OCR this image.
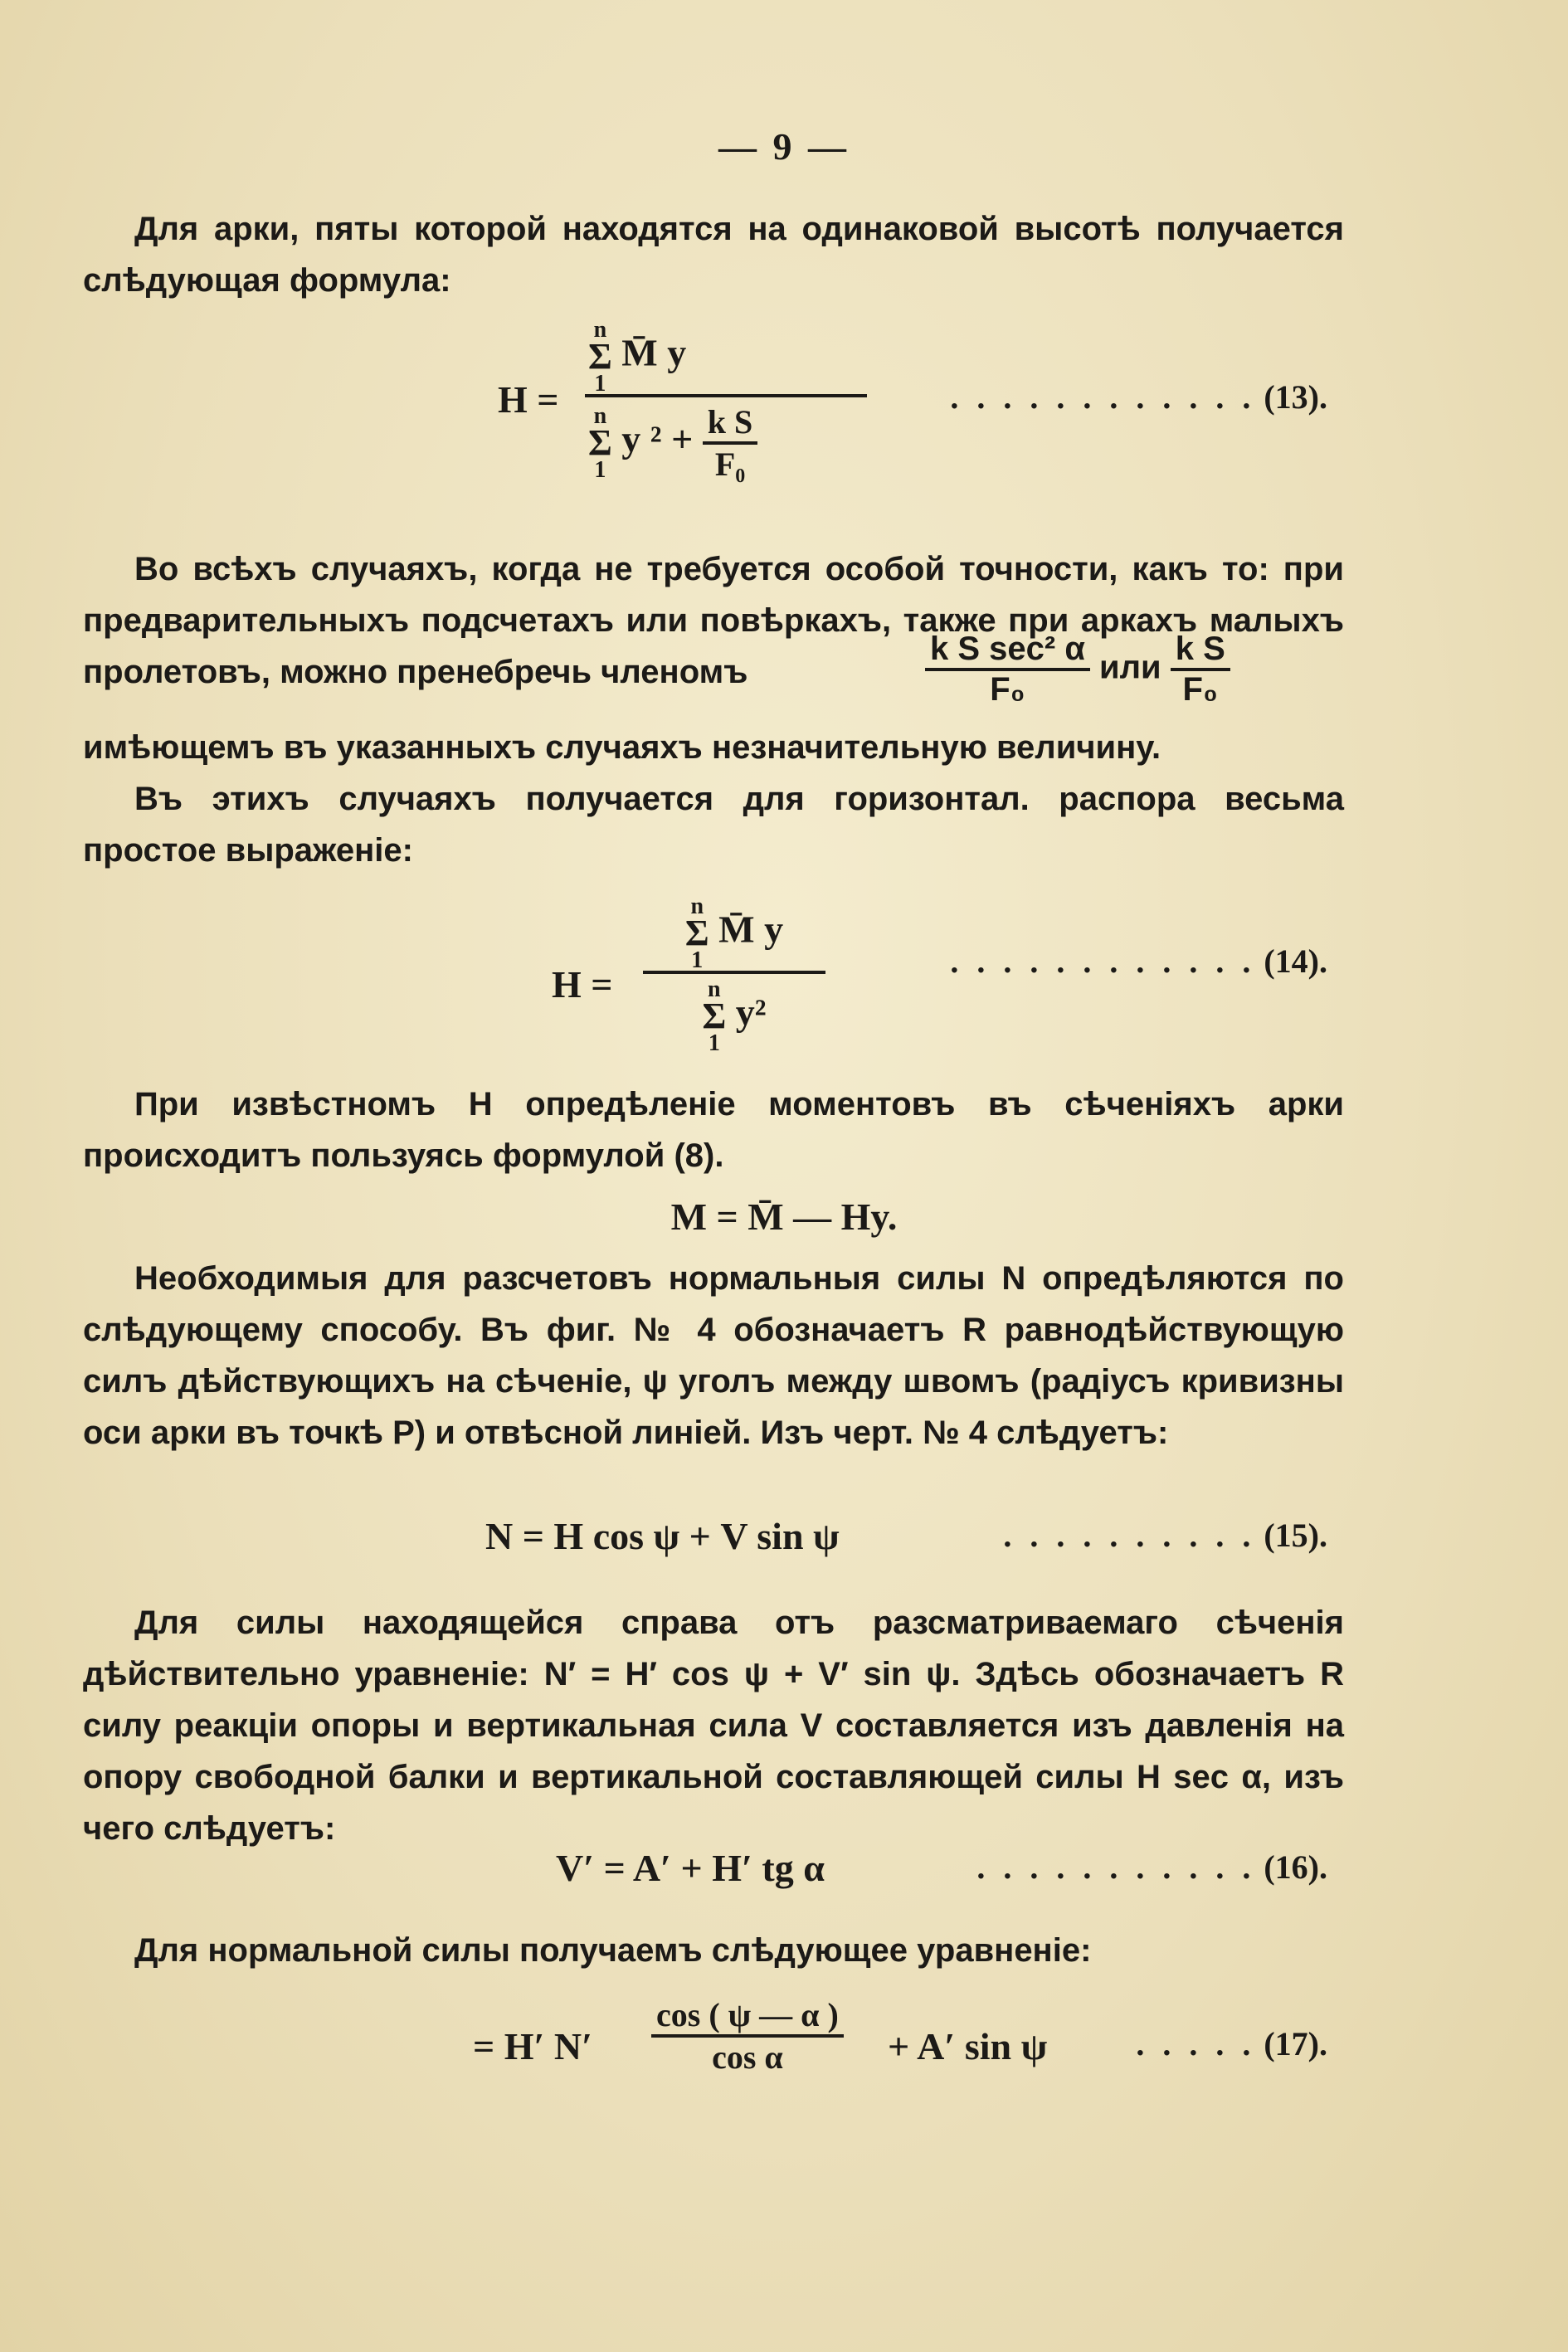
— 9 —
Для арки, пяты которой находятся на одинаковой высотѣ получается слѣдующая формула:
H = n
Σ
1
M̄ y
n
Σ
1
y $^2 + \frac{\text{k S}}{\text{F₀}}$	. . . . . . . . . . . . (13).
Во всѣхъ случаяхъ, когда не требуется особой точности, какъ то: при предварительныхъ подсчетахъ или повѣркахъ, также при аркахъ малыхъ пролетовъ, можно пренебречь членомъ	$\frac{\text{k S sec² α}}{\text{F₀}}$ или $\frac{\text{k S}}{\text{F₀}}$
имѣющемъ въ указанныхъ случаяхъ незначительную величину.
Въ этихъ случаяхъ получается для горизонтал. распора весьма простое выраженіе:
H = n
Σ
1
M̄ y
n
Σ
1
y²	. . . . . . . . . . . . (14).
При извѣстномъ H опредѣленіе моментовъ въ сѣченіяхъ арки происходитъ пользуясь формулой (8).
M = M̄ — Hy.
Необходимыя для разсчетовъ нормальныя силы N опредѣляются по слѣдующему способу. Въ фиг. № 4 обозначаетъ R равнодѣйствующую силъ дѣйствующихъ на сѣченіе, ψ уголъ между швомъ (радіусъ кривизны оси арки въ точкѣ P) и отвѣсной линіей. Изъ черт. № 4 слѣдуетъ:
N = H cos ψ + V sin ψ	. . . . . . . . . . (15).
Для силы находящейся справа отъ разсматриваемаго сѣченія дѣйствительно уравненіе: N′ = H′ cos ψ + V′ sin ψ. Здѣсь обозначаетъ R силу реакціи опоры и вертикальная сила V составляется изъ давленія на опору свободной балки и вертикальной составляющей силы H sec α, изъ чего слѣдуетъ:
V′ = A′ + H′ tg α	. . . . . . . . . . . (16).
Для нормальной силы получаемъ слѣдующее уравненіе:
= H′ $N' \frac{\cos ( \psi — \alpha )}{\text{cos α}} + A'$ sin ψ	. . . . . (17).
